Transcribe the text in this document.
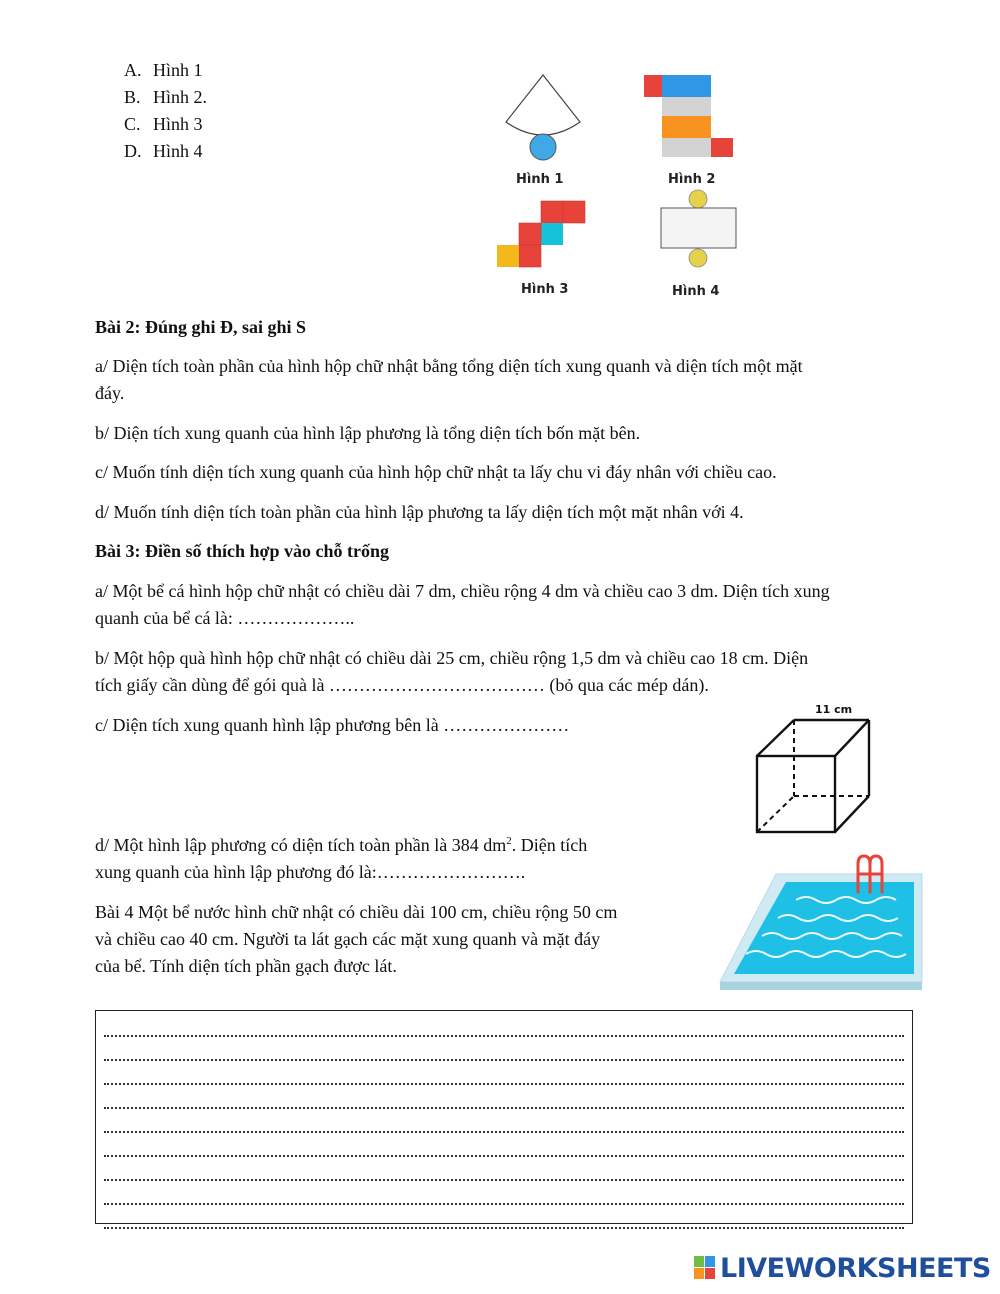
A. Hình 1
B. Hình 2.
C. Hình 3
D. Hình 4
Hình 1	Hình 2
Hình 3	Hình 4
Bài 2: Đúng ghi Đ, sai ghi S
a/ Diện tích toàn phần của hình hộp chữ nhật bằng tổng diện tích xung quanh và diện tích một mặt
đáy.
b/ Diện tích xung quanh của hình lập phương là tổng diện tích bốn mặt bên.
c/ Muốn tính diện tích xung quanh của hình hộp chữ nhật ta lấy chu vi đáy nhân với chiều cao.
d/ Muốn tính diện tích toàn phần của hình lập phương ta lấy diện tích một mặt nhân với 4.
Bài 3: Điền số thích hợp vào chỗ trống
a/ Một bể cá hình hộp chữ nhật có chiều dài 7 dm, chiều rộng 4 dm và chiều cao 3 dm. Diện tích xung
quanh của bể cá là: ………………..
b/ Một hộp quà hình hộp chữ nhật có chiều dài 25 cm, chiều rộng 1,5 dm và chiều cao 18 cm. Diện
tích giấy cần dùng để gói quà là ……………………………… (bỏ qua các mép dán).
c/ Diện tích xung quanh hình lập phương bên là …………………
11 cm
d/ Một hình lập phương có diện tích toàn phần là 384 $dm^2$. Diện tích
xung quanh của hình lập phương đó là:…………………….
Bài 4 Một bể nước hình chữ nhật có chiều dài 100 cm, chiều rộng 50 cm
và chiều cao 40 cm. Người ta lát gạch các mặt xung quanh và mặt đáy
của bể. Tính diện tích phần gạch được lát.
LIVEWORKSHEETS
